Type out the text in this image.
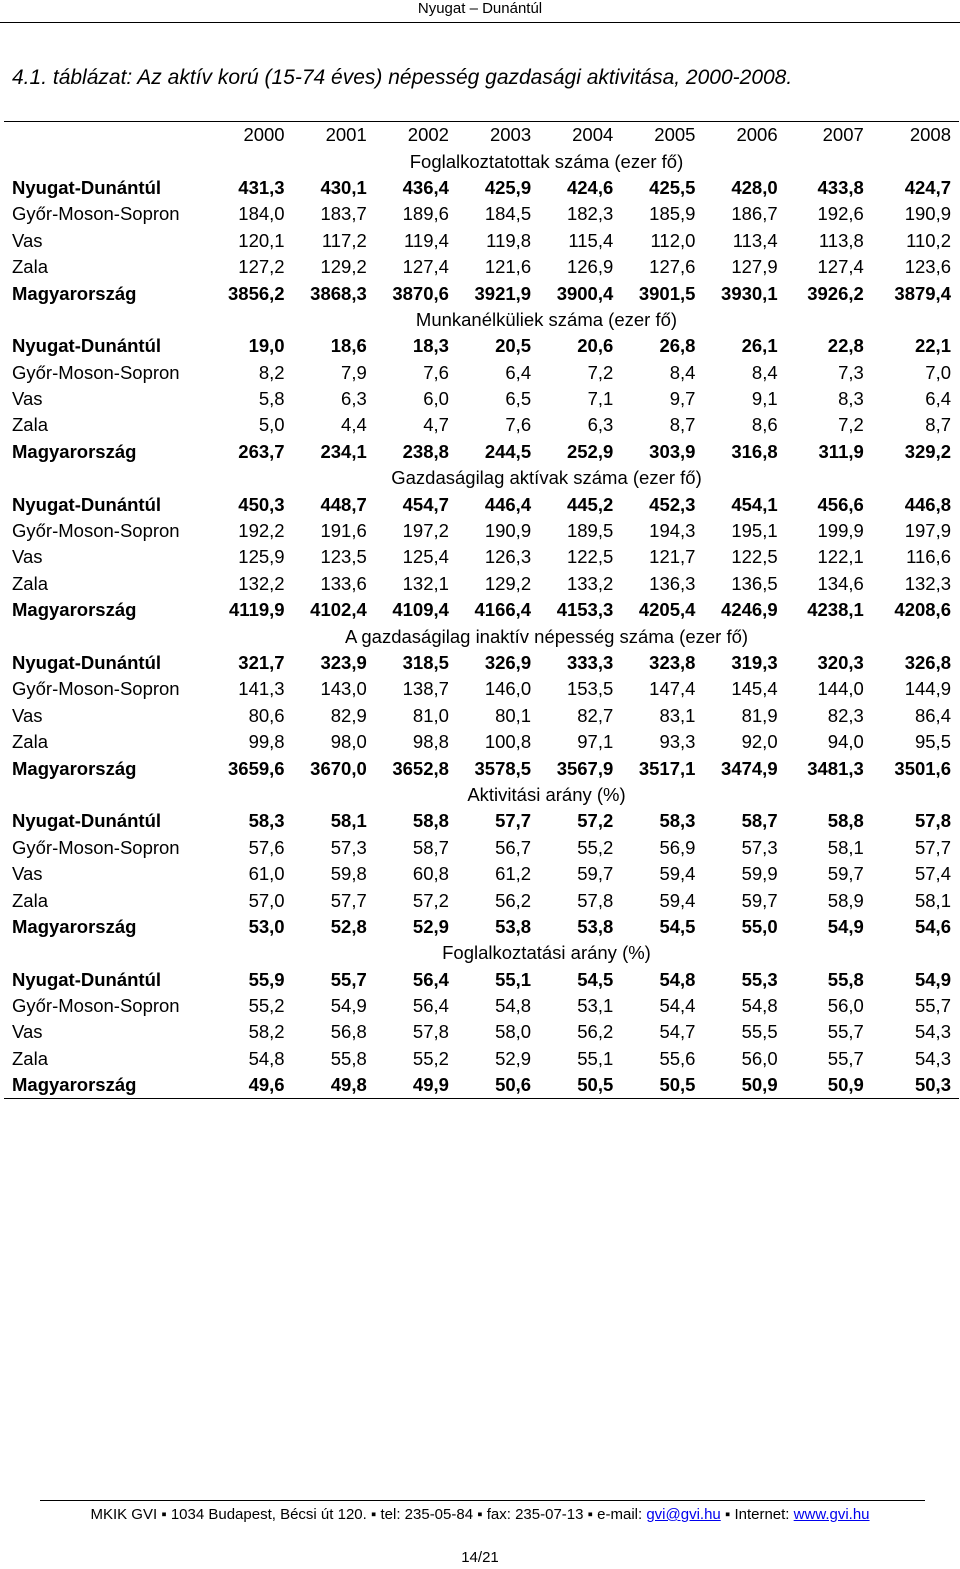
Nyugat – Dunántúl
4.1. táblázat: Az aktív korú (15-74 éves) népesség gazdasági aktivitása, 2000-2008.
	2000	2001	2002	2003	2004	2005	2006	2007	2008
Foglalkoztatottak száma (ezer fő)									
Nyugat-Dunántúl	431,3	430,1	436,4	425,9	424,6	425,5	428,0	433,8	424,7
Győr-Moson-Sopron	184,0	183,7	189,6	184,5	182,3	185,9	186,7	192,6	190,9
Vas	120,1	117,2	119,4	119,8	115,4	112,0	113,4	113,8	110,2
Zala	127,2	129,2	127,4	121,6	126,9	127,6	127,9	127,4	123,6
Magyarország	3856,2	3868,3	3870,6	3921,9	3900,4	3901,5	3930,1	3926,2	3879,4
Munkanélküliek száma (ezer fő)									
Nyugat-Dunántúl	19,0	18,6	18,3	20,5	20,6	26,8	26,1	22,8	22,1
Győr-Moson-Sopron	8,2	7,9	7,6	6,4	7,2	8,4	8,4	7,3	7,0
Vas	5,8	6,3	6,0	6,5	7,1	9,7	9,1	8,3	6,4
Zala	5,0	4,4	4,7	7,6	6,3	8,7	8,6	7,2	8,7
Magyarország	263,7	234,1	238,8	244,5	252,9	303,9	316,8	311,9	329,2
Gazdaságilag aktívak száma (ezer fő)									
Nyugat-Dunántúl	450,3	448,7	454,7	446,4	445,2	452,3	454,1	456,6	446,8
Győr-Moson-Sopron	192,2	191,6	197,2	190,9	189,5	194,3	195,1	199,9	197,9
Vas	125,9	123,5	125,4	126,3	122,5	121,7	122,5	122,1	116,6
Zala	132,2	133,6	132,1	129,2	133,2	136,3	136,5	134,6	132,3
Magyarország	4119,9	4102,4	4109,4	4166,4	4153,3	4205,4	4246,9	4238,1	4208,6
A gazdaságilag inaktív népesség száma (ezer fő)									
Nyugat-Dunántúl	321,7	323,9	318,5	326,9	333,3	323,8	319,3	320,3	326,8
Győr-Moson-Sopron	141,3	143,0	138,7	146,0	153,5	147,4	145,4	144,0	144,9
Vas	80,6	82,9	81,0	80,1	82,7	83,1	81,9	82,3	86,4
Zala	99,8	98,0	98,8	100,8	97,1	93,3	92,0	94,0	95,5
Magyarország	3659,6	3670,0	3652,8	3578,5	3567,9	3517,1	3474,9	3481,3	3501,6
Aktivitási arány (%)									
Nyugat-Dunántúl	58,3	58,1	58,8	57,7	57,2	58,3	58,7	58,8	57,8
Győr-Moson-Sopron	57,6	57,3	58,7	56,7	55,2	56,9	57,3	58,1	57,7
Vas	61,0	59,8	60,8	61,2	59,7	59,4	59,9	59,7	57,4
Zala	57,0	57,7	57,2	56,2	57,8	59,4	59,7	58,9	58,1
Magyarország	53,0	52,8	52,9	53,8	53,8	54,5	55,0	54,9	54,6
Foglalkoztatási arány (%)									
Nyugat-Dunántúl	55,9	55,7	56,4	55,1	54,5	54,8	55,3	55,8	54,9
Győr-Moson-Sopron	55,2	54,9	56,4	54,8	53,1	54,4	54,8	56,0	55,7
Vas	58,2	56,8	57,8	58,0	56,2	54,7	55,5	55,7	54,3
Zala	54,8	55,8	55,2	52,9	55,1	55,6	56,0	55,7	54,3
Magyarország	49,6	49,8	49,9	50,6	50,5	50,5	50,9	50,9	50,3
MKIK GVI ▪ 1034 Budapest, Bécsi út 120. ▪ tel: 235-05-84 ▪ fax: 235-07-13 ▪ e-mail: gvi@gvi.hu ▪ Internet: www.gvi.hu
14/21
